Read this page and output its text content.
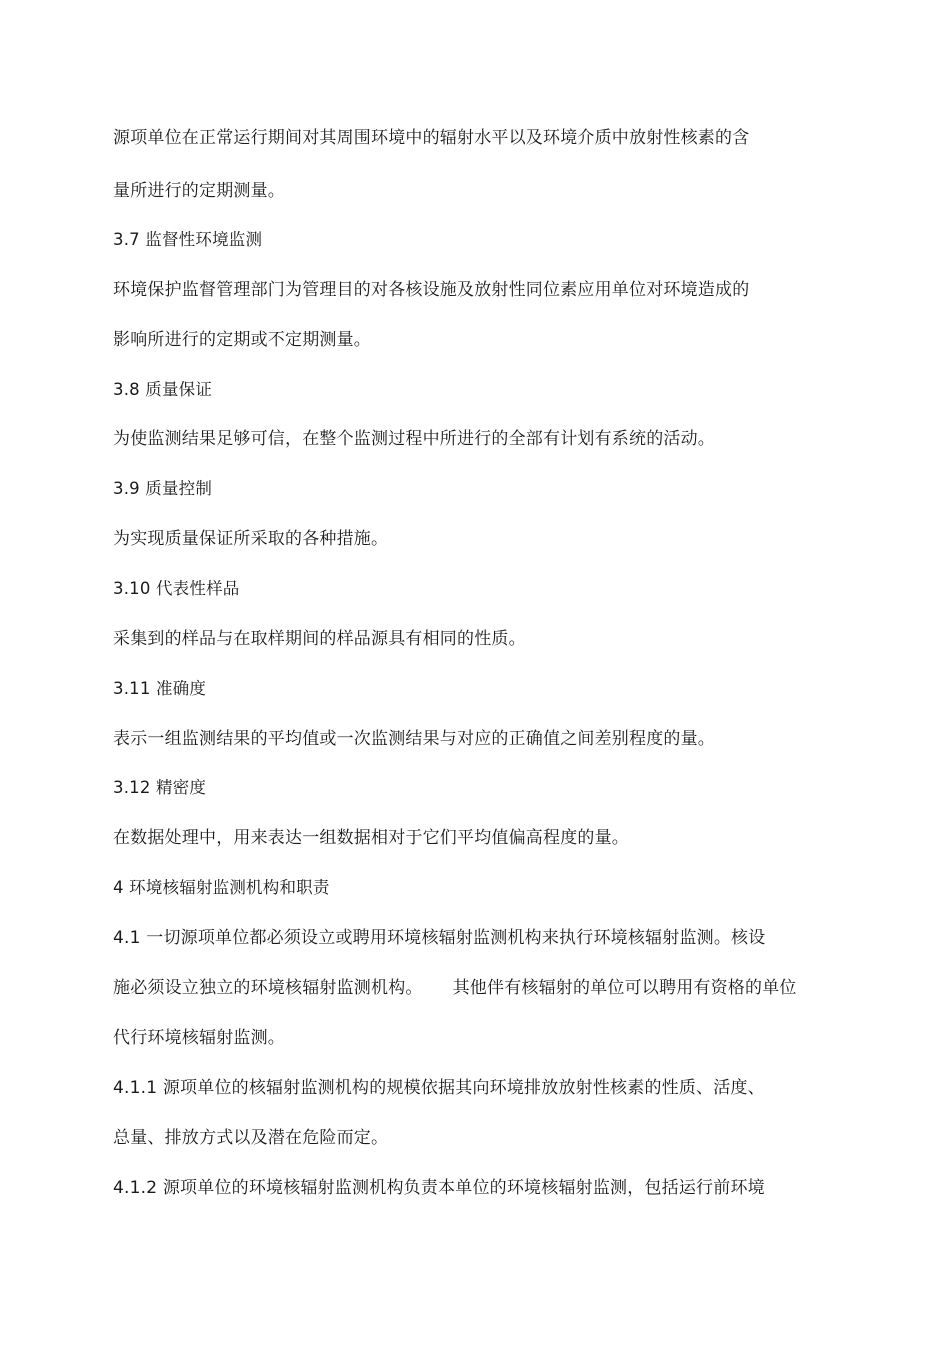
源项单位在正常运行期间对其周围环境中的辐射水平以及环境介质中放射性核素的含
量所进行的定期测量。
3.7 监督性环境监测
环境保护监督管理部门为管理目的对各核设施及放射性同位素应用单位对环境造成的
影响所进行的定期或不定期测量。
3.8 质量保证
为使监测结果足够可信，在整个监测过程中所进行的全部有计划有系统的活动。
3.9 质量控制
为实现质量保证所采取的各种措施。
3.10 代表性样品
采集到的样品与在取样期间的样品源具有相同的性质。
3.11 准确度
表示一组监测结果的平均值或一次监测结果与对应的正确值之间差别程度的量。
3.12 精密度
在数据处理中，用来表达一组数据相对于它们平均值偏高程度的量。
4 环境核辐射监测机构和职责
4.1 一切源项单位都必须设立或聘用环境核辐射监测机构来执行环境核辐射监测。核设
施必须设立独立的环境核辐射监测机构。 其他伴有核辐射的单位可以聘用有资格的单位
代行环境核辐射监测。
4.1.1 源项单位的核辐射监测机构的规模依据其向环境排放放射性核素的性质、活度、
总量、排放方式以及潜在危险而定。
4.1.2 源项单位的环境核辐射监测机构负责本单位的环境核辐射监测，包括运行前环境
